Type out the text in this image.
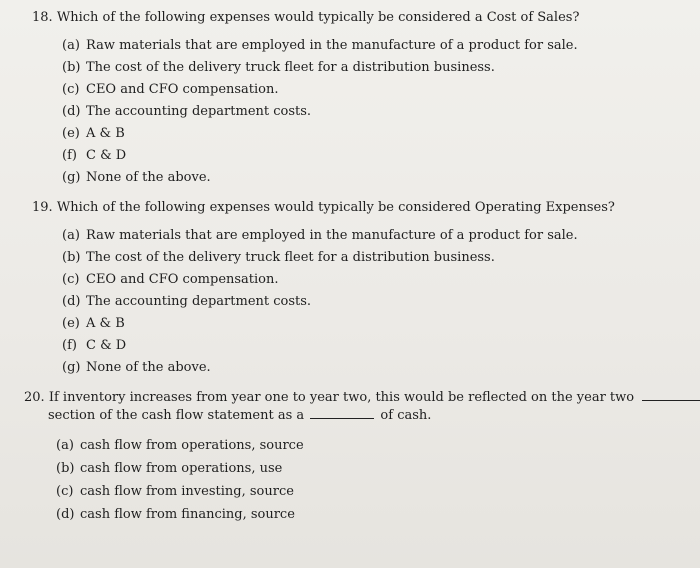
18. Which of the following expenses would typically be considered a Cost of Sales?
(a) Raw materials that are employed in the manufacture of a product for sale.
(b) The cost of the delivery truck fleet for a distribution business.
(c) CEO and CFO compensation.
(d) The accounting department costs.
(e) A & B
(f) C & D
(g) None of the above.
19. Which of the following expenses would typically be considered Operating Expenses?
(a) Raw materials that are employed in the manufacture of a product for sale.
(b) The cost of the delivery truck fleet for a distribution business.
(c) CEO and CFO compensation.
(d) The accounting department costs.
(e) A & B
(f) C & D
(g) None of the above.
20. If inventory increases from year one to year two, this would be reflected on the year two
section of the cash flow statement as a	of cash.
(a) cash flow from operations, source
(b) cash flow from operations, use
(c) cash flow from investing, source
(d) cash flow from financing, source
